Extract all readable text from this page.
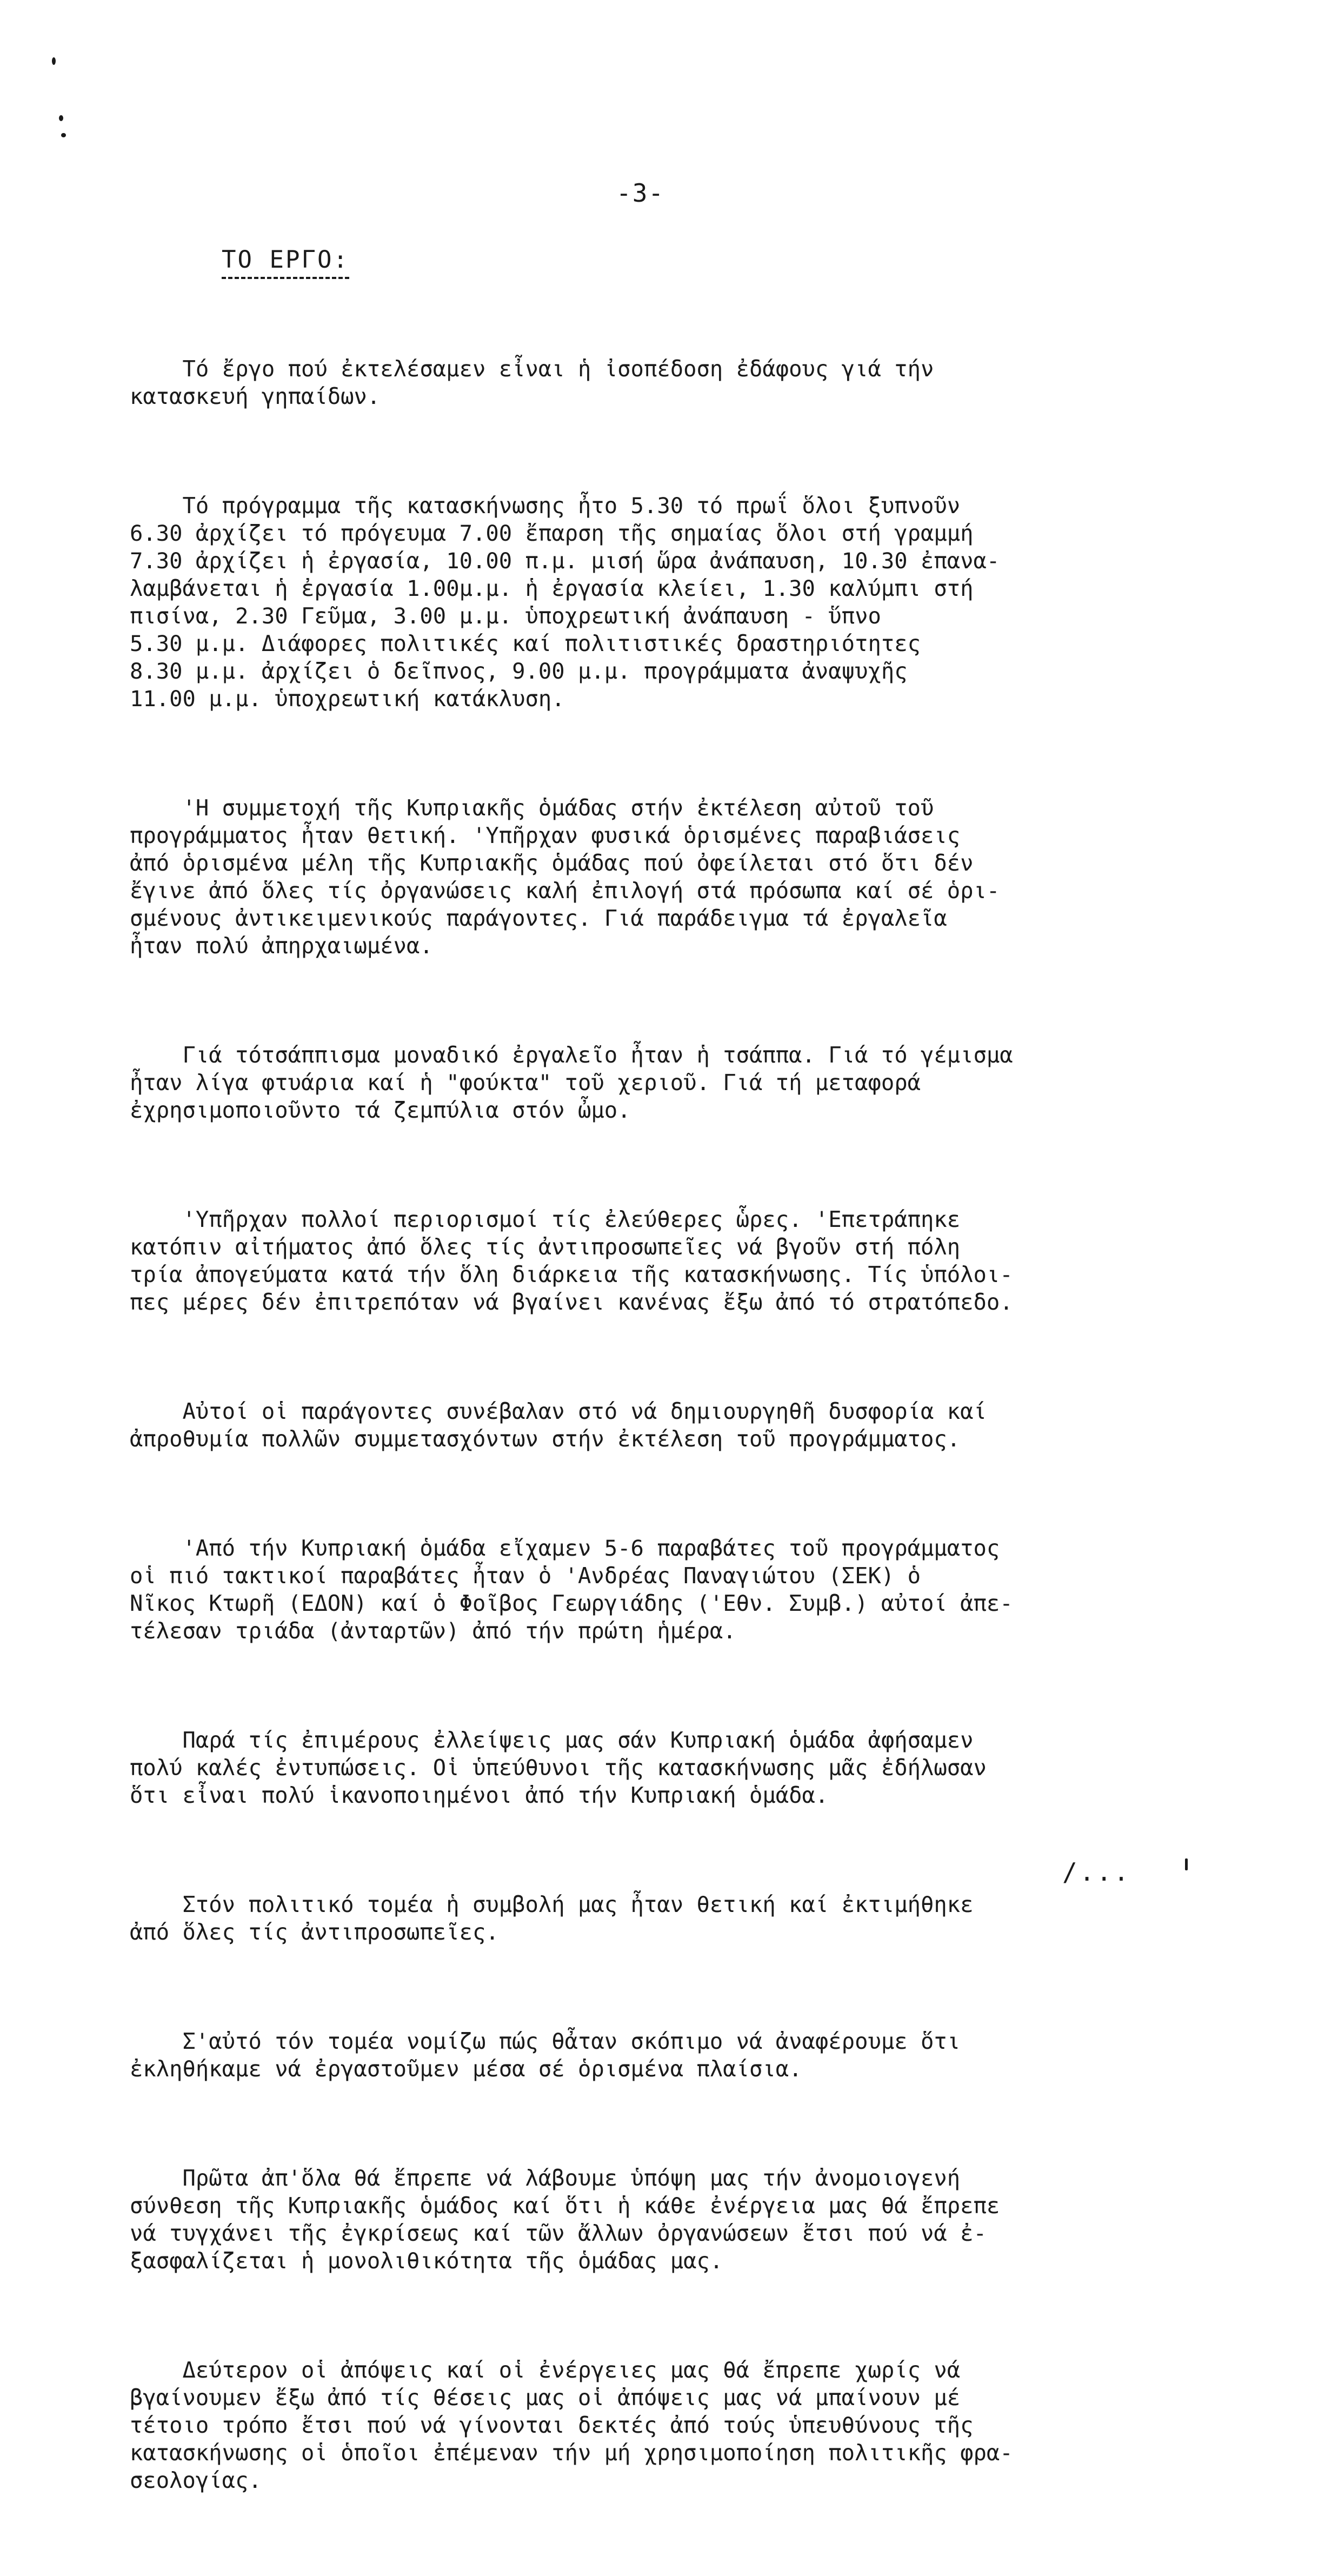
-3-
ΤΟ ΕΡΓΟ:

Τό ἔργο πού ἐκτελέσαμεν εἶναι ἡ ἰσοπέδοση ἐδάφους γιά τήν
κατασκευή γηπαίδων.

Τό πρόγραμμα τῆς κατασκήνωσης ἦτο 5.30 τό πρωΐ ὅλοι ξυπνοῦν
6.30 ἀρχίζει τό πρόγευμα 7.00 ἔπαρση τῆς σημαίας ὅλοι στή γραμμή
7.30 ἀρχίζει ἡ ἐργασία, 10.00 π.μ. μισή ὥρα ἀνάπαυση, 10.30 ἐπανα-
λαμβάνεται ἡ ἐργασία 1.00μ.μ. ἡ ἐργασία κλείει, 1.30 καλύμπι στή
πισίνα, 2.30 Γεῦμα, 3.00 μ.μ. ὑποχρεωτική ἀνάπαυση - ὕπνο
5.30 μ.μ. Διάφορες πολιτικές καί πολιτιστικές δραστηριότητες
8.30 μ.μ. ἀρχίζει ὁ δεῖπνος, 9.00 μ.μ. προγράμματα ἀναψυχῆς
11.00 μ.μ. ὑποχρεωτική κατάκλυση.

'Η συμμετοχή τῆς Κυπριακῆς ὁμάδας στήν ἐκτέλεση αὐτοῦ τοῦ
προγράμματος ἦταν θετική. 'Υπῆρχαν φυσικά ὁρισμένες παραβιάσεις
ἀπό ὁρισμένα μέλη τῆς Κυπριακῆς ὁμάδας πού ὀφείλεται στό ὅτι δέν
ἔγινε ἀπό ὅλες τίς ὀργανώσεις καλή ἐπιλογή στά πρόσωπα καί σέ ὁρι-
σμένους ἀντικειμενικούς παράγοντες. Γιά παράδειγμα τά ἐργαλεῖα
ἦταν πολύ ἀπηρχαιωμένα.

Γιά τότσάππισμα μοναδικό ἐργαλεῖο ἦταν ἡ τσάππα. Γιά τό γέμισμα
ἦταν λίγα φτυάρια καί ἡ "φούκτα" τοῦ χεριοῦ. Γιά τή μεταφορά
ἐχρησιμοποιοῦντο τά ζεμπύλια στόν ὦμο.

'Υπῆρχαν πολλοί περιορισμοί τίς ἐλεύθερες ὧρες. 'Επετράπηκε
κατόπιν αἰτήματος ἀπό ὅλες τίς ἀντιπροσωπεῖες νά βγοῦν στή πόλη
τρία ἀπογεύματα κατά τήν ὅλη διάρκεια τῆς κατασκήνωσης. Τίς ὑπόλοι-
πες μέρες δέν ἐπιτρεπόταν νά βγαίνει κανένας ἔξω ἀπό τό στρατόπεδο.

Αὐτοί οἱ παράγοντες συνέβαλαν στό νά δημιουργηθῆ δυσφορία καί
ἀπροθυμία πολλῶν συμμετασχόντων στήν ἐκτέλεση τοῦ προγράμματος.

'Από τήν Κυπριακή ὁμάδα εἴχαμεν 5-6 παραβάτες τοῦ προγράμματος
οἱ πιό τακτικοί παραβάτες ἦταν ὁ 'Ανδρέας Παναγιώτου (ΣΕΚ) ὁ
Νῖκος Κτωρῆ (ΕΔΟΝ) καί ὁ Φοῖβος Γεωργιάδης ('Εθν. Συμβ.) αὐτοί ἀπε-
τέλεσαν τριάδα (ἀνταρτῶν) ἀπό τήν πρώτη ἡμέρα.

Παρά τίς ἐπιμέρους ἐλλείψεις μας σάν Κυπριακή ὁμάδα ἀφήσαμεν
πολύ καλές ἐντυπώσεις. Οἱ ὑπεύθυνοι τῆς κατασκήνωσης μᾶς ἐδήλωσαν
ὅτι εἶναι πολύ ἱκανοποιημένοι ἀπό τήν Κυπριακή ὁμάδα.

Στόν πολιτικό τομέα ἡ συμβολή μας ἦταν θετική καί ἐκτιμήθηκε
ἀπό ὅλες τίς ἀντιπροσωπεῖες.

Σ'αὐτό τόν τομέα νομίζω πώς θἆταν σκόπιμο νά ἀναφέρουμε ὅτι
ἐκληθήκαμε νά ἐργαστοῦμεν μέσα σέ ὁρισμένα πλαίσια.

Πρῶτα ἀπ'ὅλα θά ἔπρεπε νά λάβουμε ὑπόψη μας τήν ἀνομοιογενή
σύνθεση τῆς Κυπριακῆς ὁμάδος καί ὅτι ἡ κάθε ἐνέργεια μας θά ἔπρεπε
νά τυγχάνει τῆς ἐγκρίσεως καί τῶν ἄλλων ὀργανώσεων ἔτσι πού νά ἐ-
ξασφαλίζεται ἡ μονολιθικότητα τῆς ὁμάδας μας.

Δεύτερον οἱ ἀπόψεις καί οἱ ἐνέργειες μας θά ἔπρεπε χωρίς νά
βγαίνουμεν ἔξω ἀπό τίς θέσεις μας οἱ ἀπόψεις μας νά μπαίνουν μέ
τέτοιο τρόπο ἔτσι πού νά γίνονται δεκτές ἀπό τούς ὑπευθύνους τῆς
κατασκήνωσης οἱ ὁποῖοι ἐπέμεναν τήν μή χρησιμοποίηση πολιτικῆς φρα-
σεολογίας.

/...
